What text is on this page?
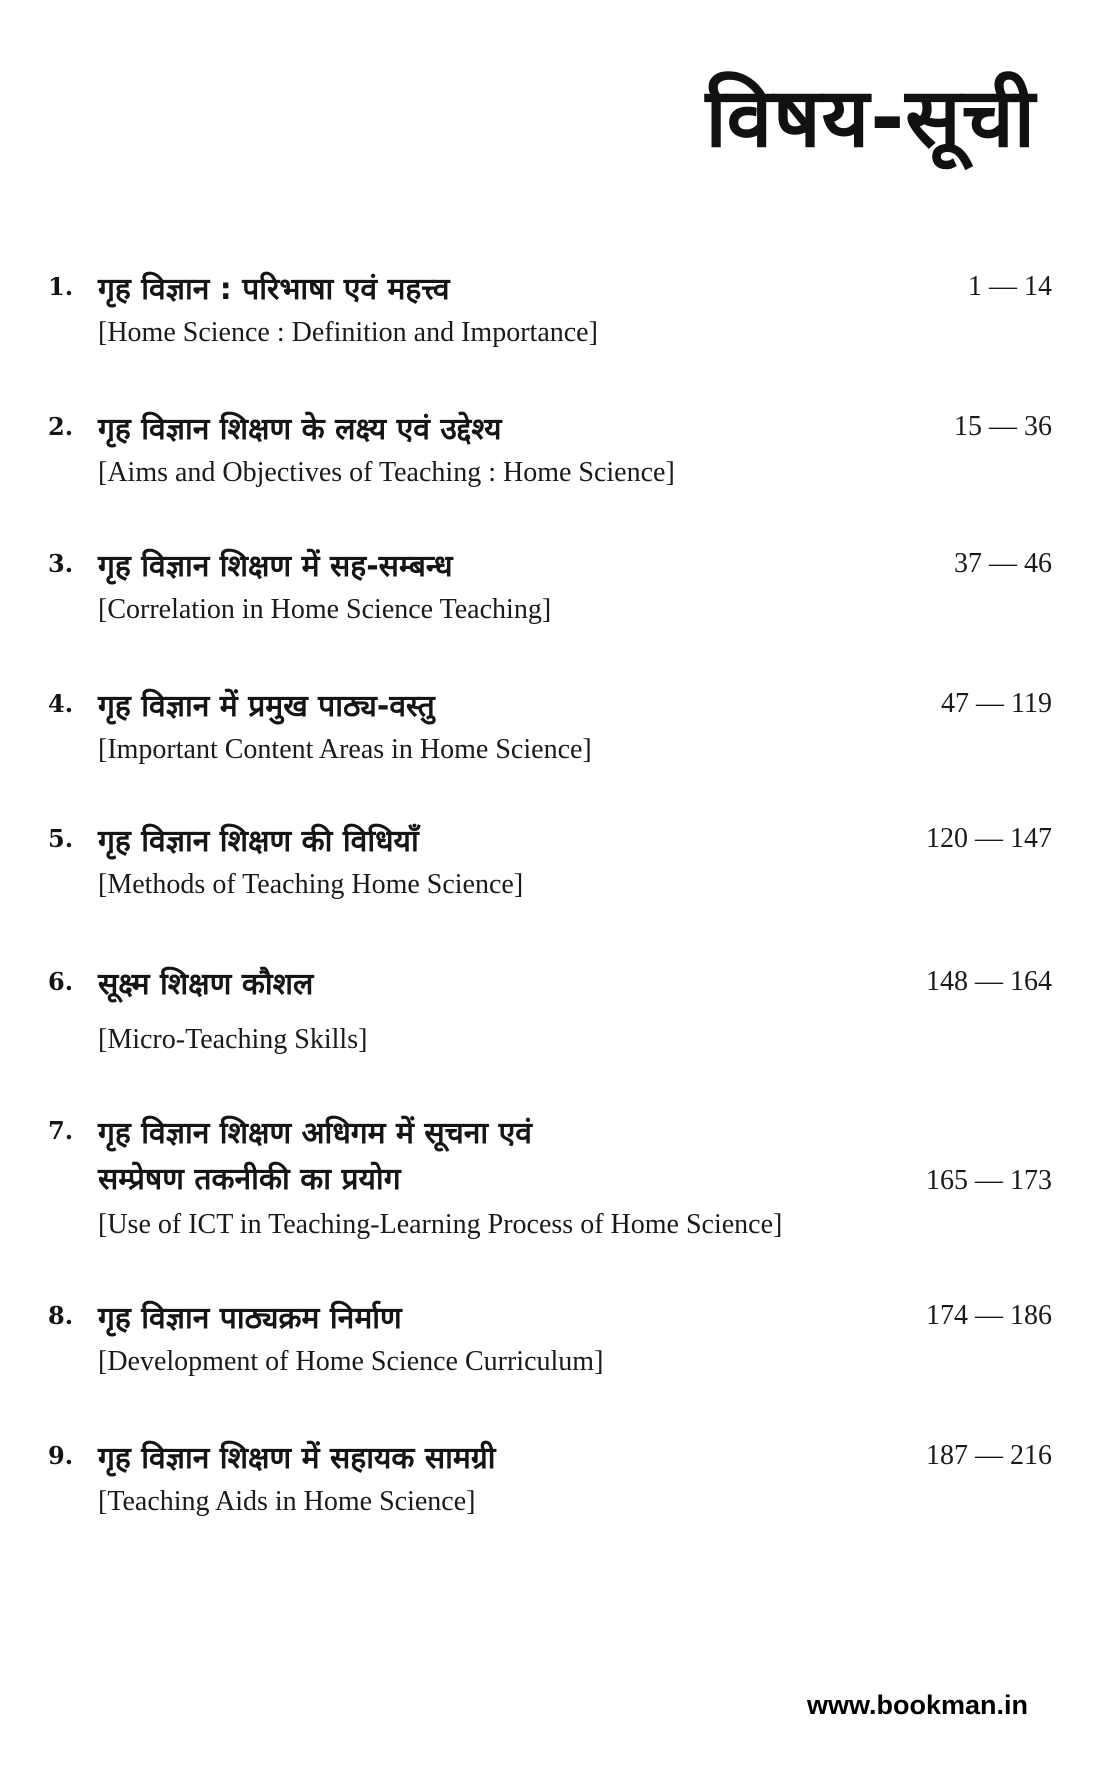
विषय-सूची
1. गृह विज्ञान : परिभाषा एवं महत्त्व
[Home Science : Definition and Importance]
1 — 14
2. गृह विज्ञान शिक्षण के लक्ष्य एवं उद्देश्य
[Aims and Objectives of Teaching : Home Science]
15 — 36
3. गृह विज्ञान शिक्षण में सह-सम्बन्ध
[Correlation in Home Science Teaching]
37 — 46
4. गृह विज्ञान में प्रमुख पाठ्य-वस्तु
[Important Content Areas in Home Science]
47 — 119
5. गृह विज्ञान शिक्षण की विधियाँ
[Methods of Teaching Home Science]
120 — 147
6. सूक्ष्म शिक्षण कौशल
[Micro-Teaching Skills]
148 — 164
7. गृह विज्ञान शिक्षण अधिगम में सूचना एवं
सम्प्रेषण तकनीकी का प्रयोग
[Use of ICT in Teaching-Learning Process of Home Science]
165 — 173
8. गृह विज्ञान पाठ्यक्रम निर्माण
[Development of Home Science Curriculum]
174 — 186
9. गृह विज्ञान शिक्षण में सहायक सामग्री
[Teaching Aids in Home Science]
187 — 216
www.bookman.in
